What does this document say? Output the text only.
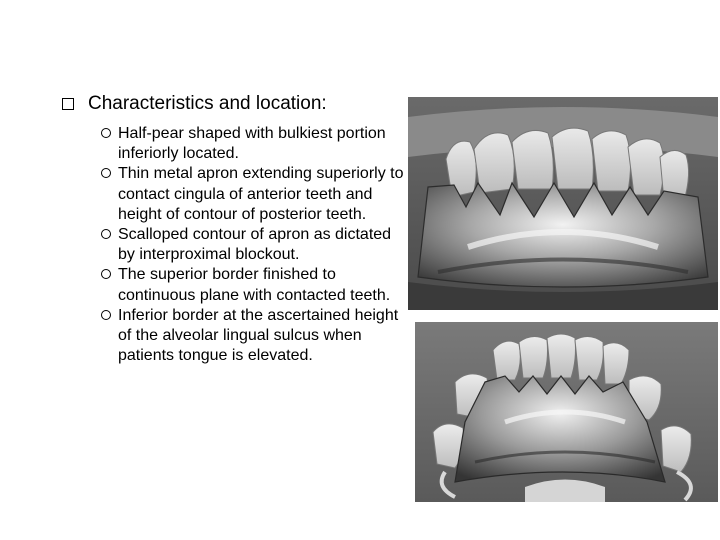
Characteristics and location:
Half-pear shaped with bulkiest portion inferiorly located.
Thin metal apron extending superiorly to contact cingula of anterior teeth and height of contour of posterior teeth.
Scalloped contour of apron as dictated by interproximal blockout.
The superior border finished to continuous plane with contacted teeth.
Inferior border at the ascertained height of the alveolar lingual sulcus when patients tongue is elevated.
